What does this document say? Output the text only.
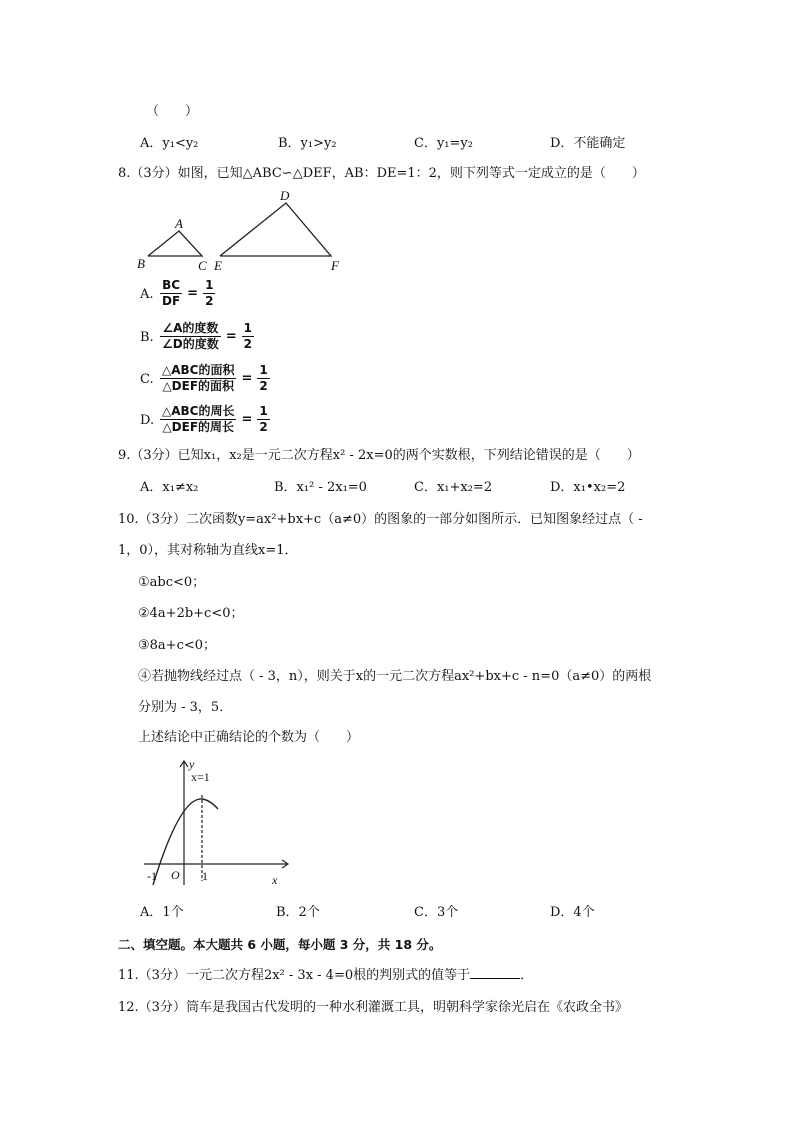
（　　）
A．y₁<y₂	B．y₁>y₂	C．y₁=y₂	D．不能确定
8.（3分）如图，已知△ABC∽△DEF，AB：DE=1：2，则下列等式一定成立的是（　　）
A
B	C
D
E	F
A. $\frac{BC}{DF} = \frac{1}{2}$
B. $\frac{\text{∠A的度数}}{\text{∠D的度数}} = \frac{1}{2}$
C. $\frac{\text{△ABC的面积}}{\text{△DEF的面积}} = \frac{1}{2}$
D. $\frac{\text{△ABC的周长}}{\text{△DEF的周长}} = \frac{1}{2}$
9.（3分）已知x₁，x₂是一元二次方程x² - 2x=0的两个实数根，下列结论错误的是（　　）
A．x₁≠x₂	B．x₁² - 2x₁=0	C．x₁+x₂=2	D．x₁•x₂=2
10.（3分）二次函数y=ax²+bx+c（a≠0）的图象的一部分如图所示．已知图象经过点（ -
1，0），其对称轴为直线x=1．
①abc<0；
②4a+2b+c<0；
③8a+c<0；
④若抛物线经过点（ - 3，n），则关于x的一元二次方程ax²+bx+c - n=0（a≠0）的两根
分别为 - 3，5．
上述结论中正确结论的个数为（　　）
y
x=1
O
-1	1	x
A．1个	B．2个	C．3个	D．4个
二、填空题。本大题共 6 小题，每小题 3 分，共 18 分。
11.（3分）一元二次方程2x² - 3x - 4=0根的判别式的值等于	．
12.（3分）筒车是我国古代发明的一种水利灌溉工具，明朝科学家徐光启在《农政全书》
